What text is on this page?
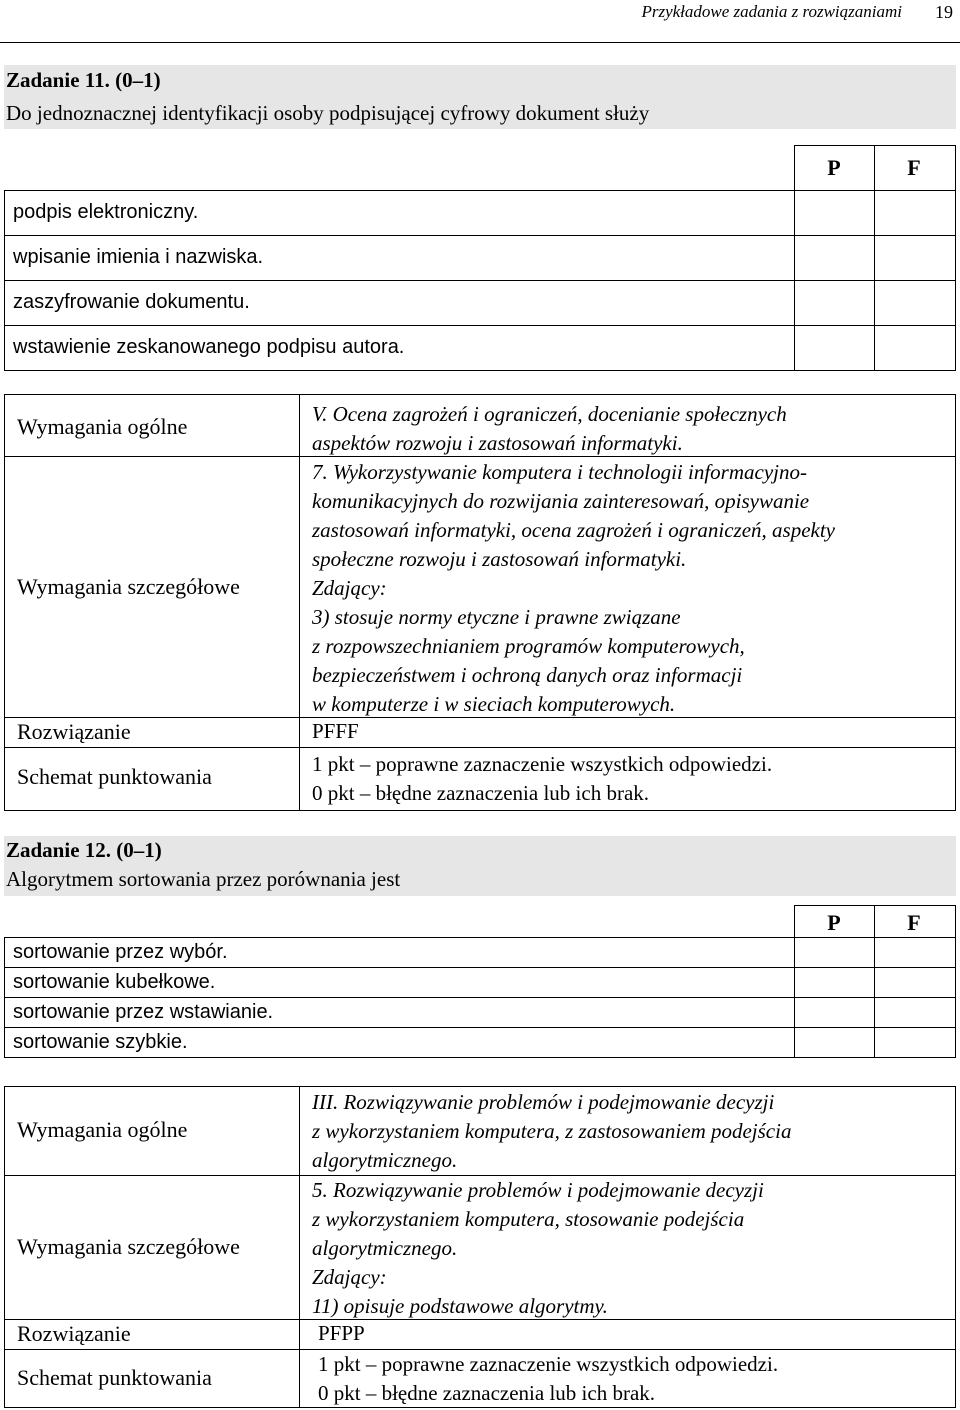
Przykładowe zadania z rozwiązaniami 19
Zadanie 11. (0–1)
Do jednoznacznej identyfikacji osoby podpisującej cyfrowy dokument służy
P	F
podpis elektroniczny.
wpisanie imienia i nazwiska.
zaszyfrowanie dokumentu.
wstawienie zeskanowanego podpisu autora.
Wymagania ogólne
Wymagania szczegółowe
Rozwiązanie
Schemat punktowania
V. Ocena zagrożeń i ograniczeń, docenianie społecznych
aspektów rozwoju i zastosowań informatyki.
7. Wykorzystywanie komputera i technologii informacyjno-
komunikacyjnych do rozwijania zainteresowań, opisywanie
zastosowań informatyki, ocena zagrożeń i ograniczeń, aspekty
społeczne rozwoju i zastosowań informatyki.
Zdający:
3) stosuje normy etyczne i prawne związane
z rozpowszechnianiem programów komputerowych,
bezpieczeństwem i ochroną danych oraz informacji
w komputerze i w sieciach komputerowych.
PFFF
1 pkt – poprawne zaznaczenie wszystkich odpowiedzi.
0 pkt – błędne zaznaczenia lub ich brak.
Zadanie 12. (0–1)
Algorytmem sortowania przez porównania jest
P	F
sortowanie przez wybór.
sortowanie kubełkowe.
sortowanie przez wstawianie.
sortowanie szybkie.
Wymagania ogólne
Wymagania szczegółowe
Rozwiązanie
Schemat punktowania
III. Rozwiązywanie problemów i podejmowanie decyzji
z wykorzystaniem komputera, z zastosowaniem podejścia
algorytmicznego.
5. Rozwiązywanie problemów i podejmowanie decyzji
z wykorzystaniem komputera, stosowanie podejścia
algorytmicznego.
Zdający:
11) opisuje podstawowe algorytmy.
PFPP
1 pkt – poprawne zaznaczenie wszystkich odpowiedzi.
0 pkt – błędne zaznaczenia lub ich brak.
